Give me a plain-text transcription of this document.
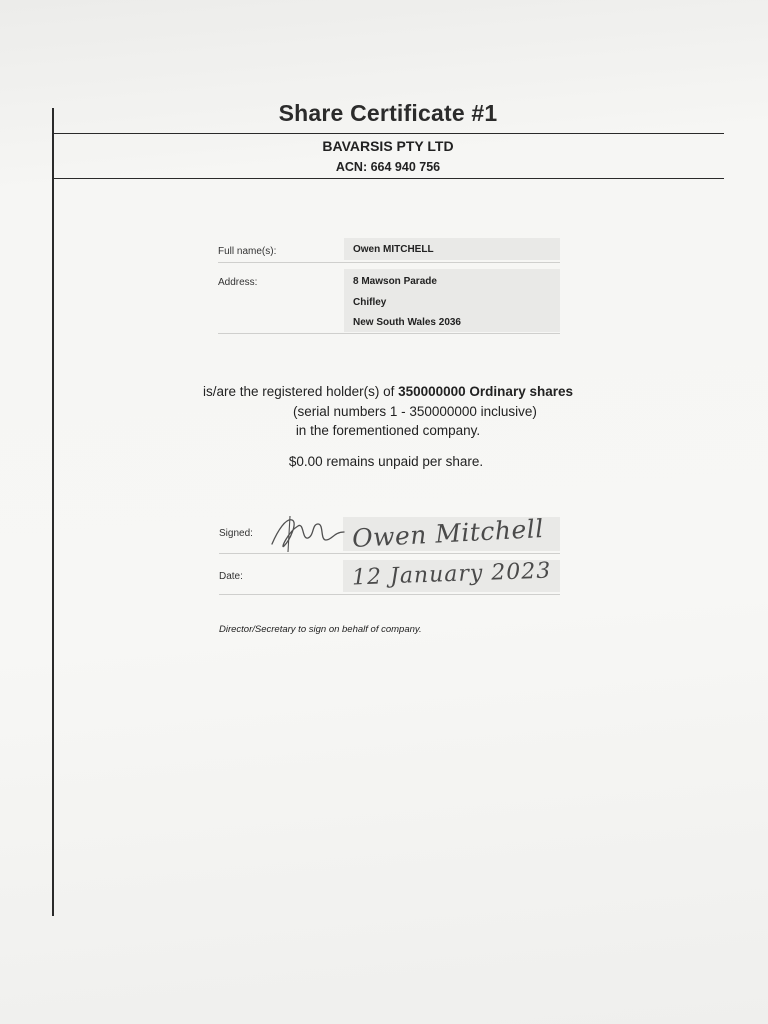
Share Certificate #1
BAVARSIS PTY LTD
ACN: 664 940 756
Full name(s):	Owen MITCHELL
Address:	8 Mawson Parade
Chifley
New South Wales 2036
is/are the registered holder(s) of 350000000 Ordinary shares
(serial numbers 1 - 350000000 inclusive)
in the forementioned company.
$0.00 remains unpaid per share.
Signed:	Owen Mitchell
Date:	12 January 2023
Director/Secretary to sign on behalf of company.
